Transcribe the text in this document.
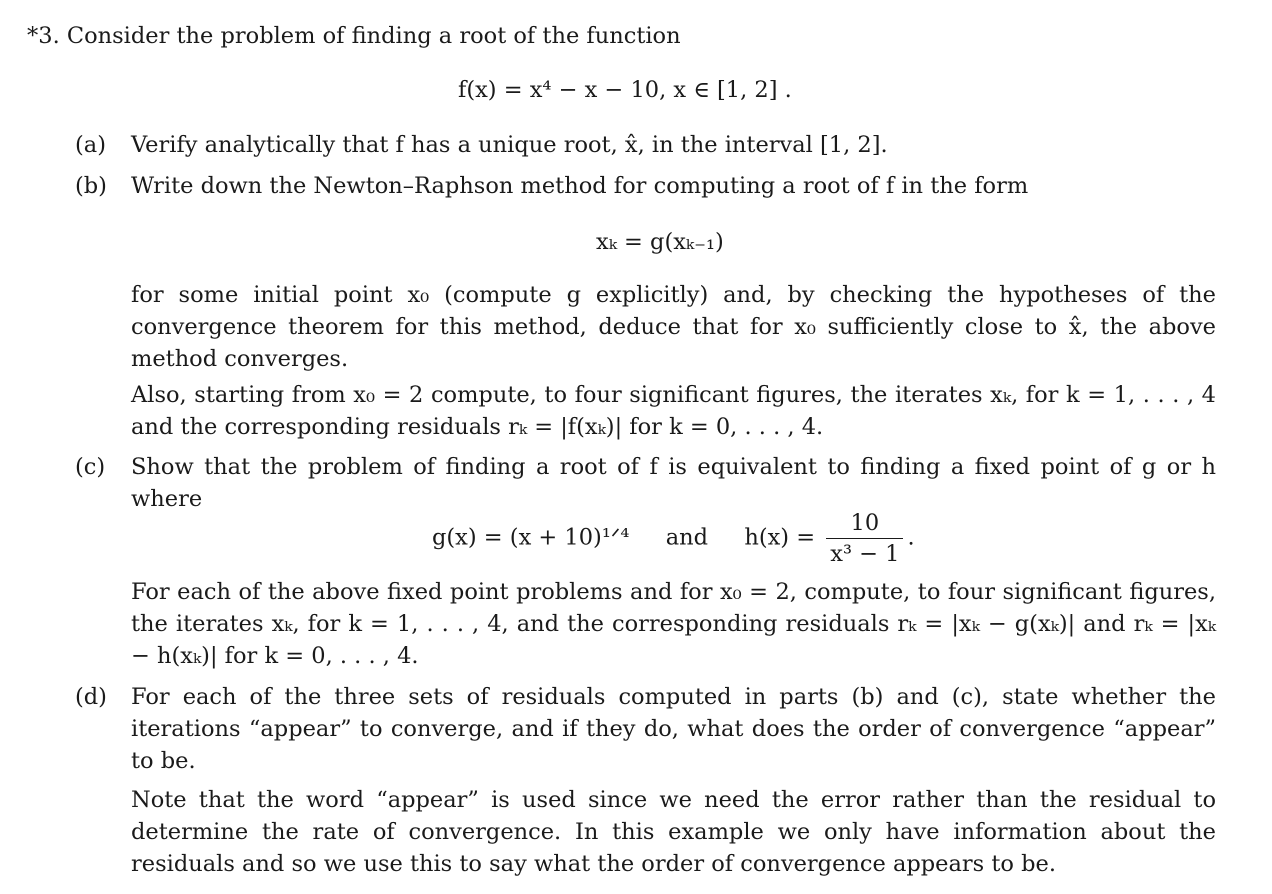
*3. Consider the problem of finding a root of the function
f(x) = x⁴ − x − 10, x ∈ [1, 2] .
(a) Verify analytically that f has a unique root, x̂, in the interval [1, 2].
(b) Write down the Newton–Raphson method for computing a root of f in the form
xₖ = g(xₖ₋₁)
for some initial point x₀ (compute g explicitly) and, by checking the hypotheses of the convergence theorem for this method, deduce that for x₀ sufficiently close to x̂, the above method converges.
Also, starting from x₀ = 2 compute, to four significant figures, the iterates xₖ, for k = 1, . . . , 4 and the corresponding residuals rₖ = |f(xₖ)| for k = 0, . . . , 4.
(c) Show that the problem of finding a root of f is equivalent to finding a fixed point of g or h where
g(x) = (x + 10)¹ᐟ⁴ and $h(x) = \frac{10}{\text{x³ − 1}}$ .
For each of the above fixed point problems and for x₀ = 2, compute, to four significant figures, the iterates xₖ, for k = 1, . . . , 4, and the corresponding residuals rₖ = |xₖ − g(xₖ)| and rₖ = |xₖ − h(xₖ)| for k = 0, . . . , 4.
(d) For each of the three sets of residuals computed in parts (b) and (c), state whether the iterations “appear” to converge, and if they do, what does the order of convergence “appear” to be.
Note that the word “appear” is used since we need the error rather than the residual to determine the rate of convergence. In this example we only have information about the residuals and so we use this to say what the order of convergence appears to be.
